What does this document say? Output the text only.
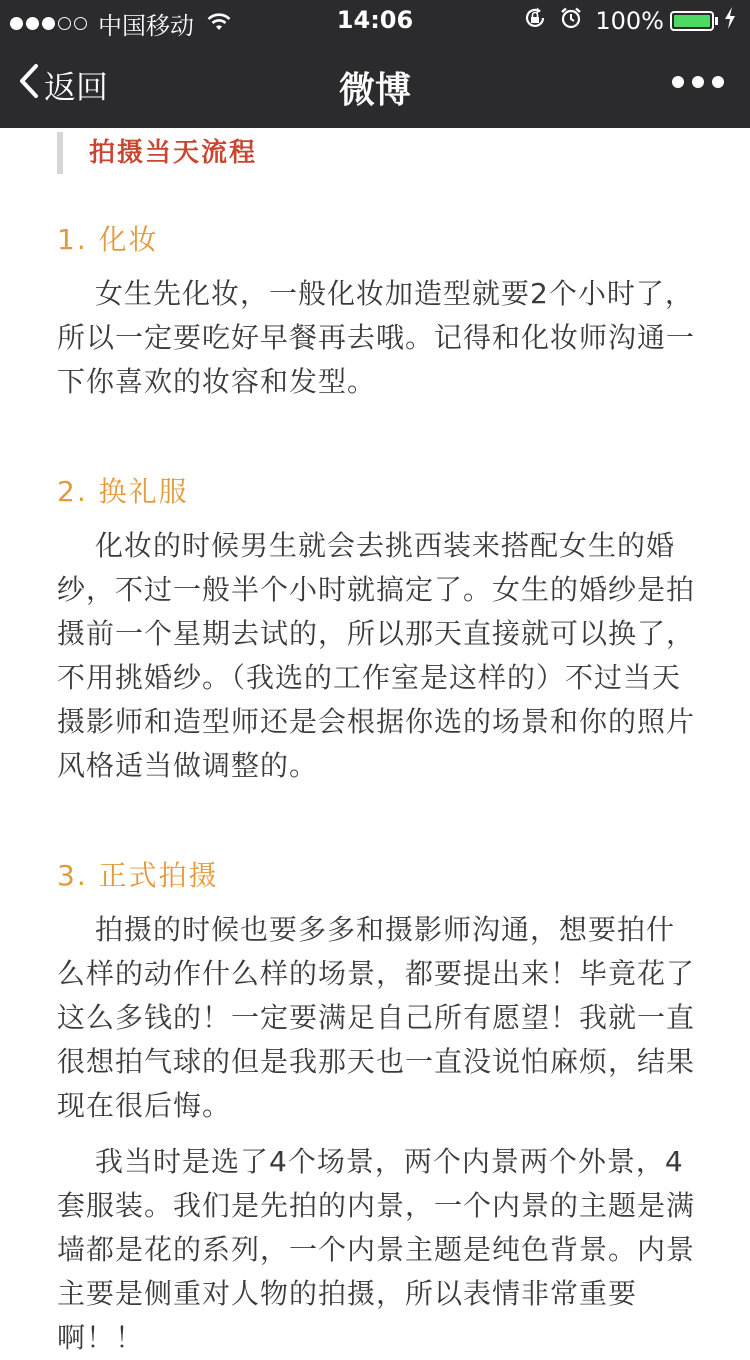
中国移动	14:06	100%
返回	微博
拍摄当天流程
1. 化妆

女生先化妆，一般化妆加造型就要2个小时了，所以一定要吃好早餐再去哦。记得和化妆师沟通一下你喜欢的妆容和发型。

2. 换礼服

化妆的时候男生就会去挑西装来搭配女生的婚纱，不过一般半个小时就搞定了。女生的婚纱是拍摄前一个星期去试的，所以那天直接就可以换了，不用挑婚纱。（我选的工作室是这样的）不过当天摄影师和造型师还是会根据你选的场景和你的照片风格适当做调整的。

3. 正式拍摄

拍摄的时候也要多多和摄影师沟通，想要拍什么样的动作什么样的场景，都要提出来！毕竟花了这么多钱的！一定要满足自己所有愿望！我就一直很想拍气球的但是我那天也一直没说怕麻烦，结果现在很后悔。

我当时是选了4个场景，两个内景两个外景，4套服装。我们是先拍的内景，一个内景的主题是满墙都是花的系列，一个内景主题是纯色背景。内景主要是侧重对人物的拍摄，所以表情非常重要啊！！
